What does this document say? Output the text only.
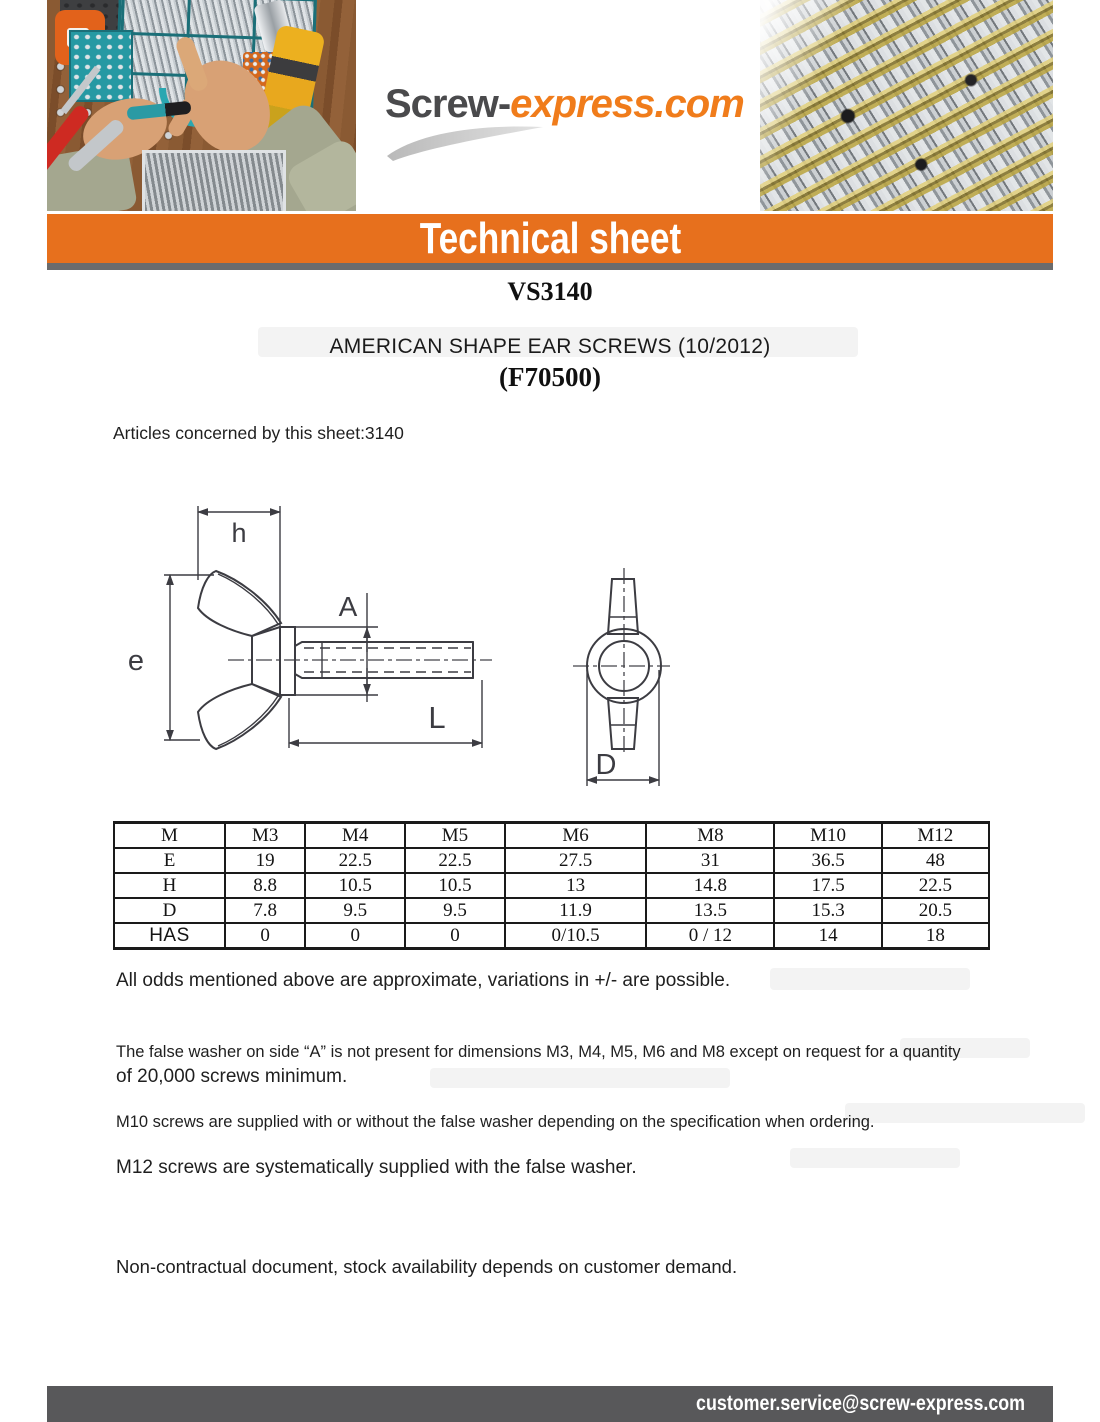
Screw-express.com
Technical sheet
VS3140
AMERICAN SHAPE EAR SCREWS (10/2012)
(F70500)
Articles concerned by this sheet:3140
h
e
A
L
D
M	M3	M4	M5	M6	M8	M10	M12
E	19	22.5	22.5	27.5	31	36.5	48
H	8.8	10.5	10.5	13	14.8	17.5	22.5
D	7.8	9.5	9.5	11.9	13.5	15.3	20.5
HAS	0	0	0	0/10.5	0 / 12	14	18
All odds mentioned above are approximate, variations in +/- are possible.
The false washer on side “A” is not present for dimensions M3, M4, M5, M6 and M8 except on request for a quantity
of 20,000 screws minimum.
M10 screws are supplied with or without the false washer depending on the specification when ordering.
M12 screws are systematically supplied with the false washer.
Non-contractual document, stock availability depends on customer demand.
customer.service@screw-express.com
